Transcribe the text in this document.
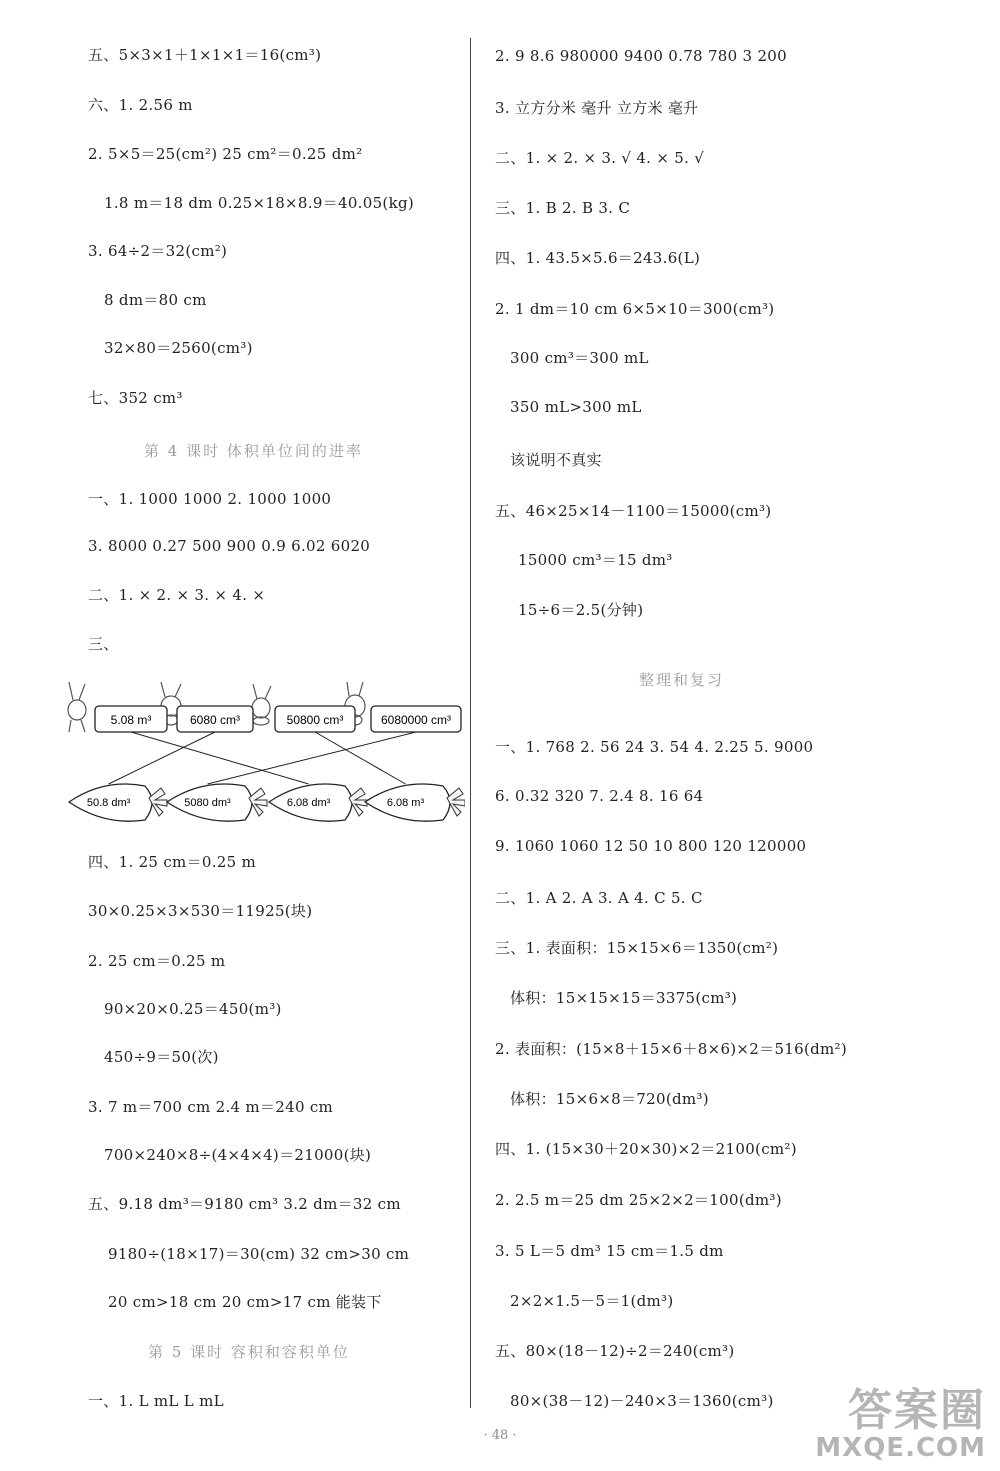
五、5×3×1＋1×1×1＝16(cm³)
六、1. 2.56 m
2. 5×5＝25(cm²) 25 cm²＝0.25 dm²
1.8 m＝18 dm 0.25×18×8.9＝40.05(kg)
3. 64÷2＝32(cm²)
8 dm＝80 cm
32×80＝2560(cm³)
七、352 cm³
第 4 课时 体积单位间的进率
一、1. 1000 1000 2. 1000 1000
3. 8000 0.27 500 900 0.9 6.02 6020
二、1. × 2. × 3. × 4. ×
三、
四、1. 25 cm＝0.25 m
30×0.25×3×530＝11925(块)
2. 25 cm＝0.25 m
90×20×0.25＝450(m³)
450÷9＝50(次)
3. 7 m＝700 cm 2.4 m＝240 cm
700×240×8÷(4×4×4)＝21000(块)
五、9.18 dm³＝9180 cm³ 3.2 dm＝32 cm
9180÷(18×17)＝30(cm) 32 cm>30 cm
20 cm>18 cm 20 cm>17 cm 能装下
第 5 课时 容积和容积单位
一、1. L mL L mL
5.08 m³	6080 cm³	50800 cm³	6080000 cm³
50.8 dm³	5080 dm³	6.08 dm³	6.08 m³
2. 9 8.6 980000 9400 0.78 780 3 200
3. 立方分米 毫升 立方米 毫升
二、1. × 2. × 3. √ 4. × 5. √
三、1. B 2. B 3. C
四、1. 43.5×5.6＝243.6(L)
2. 1 dm＝10 cm 6×5×10＝300(cm³)
300 cm³＝300 mL
350 mL>300 mL
该说明不真实
五、46×25×14－1100＝15000(cm³)
15000 cm³＝15 dm³
15÷6＝2.5(分钟)
整理和复习
一、1. 768 2. 56 24 3. 54 4. 2.25 5. 9000
6. 0.32 320 7. 2.4 8. 16 64
9. 1060 1060 12 50 10 800 120 120000
二、1. A 2. A 3. A 4. C 5. C
三、1. 表面积：15×15×6＝1350(cm²)
体积：15×15×15＝3375(cm³)
2. 表面积：(15×8＋15×6＋8×6)×2＝516(dm²)
体积：15×6×8＝720(dm³)
四、1. (15×30＋20×30)×2＝2100(cm²)
2. 2.5 m＝25 dm 25×2×2＝100(dm³)
3. 5 L＝5 dm³ 15 cm＝1.5 dm
2×2×1.5－5＝1(dm³)
五、80×(18－12)÷2＝240(cm³)
80×(38－12)－240×3＝1360(cm³)
· 48 ·	答案圈
MXQE.COM
